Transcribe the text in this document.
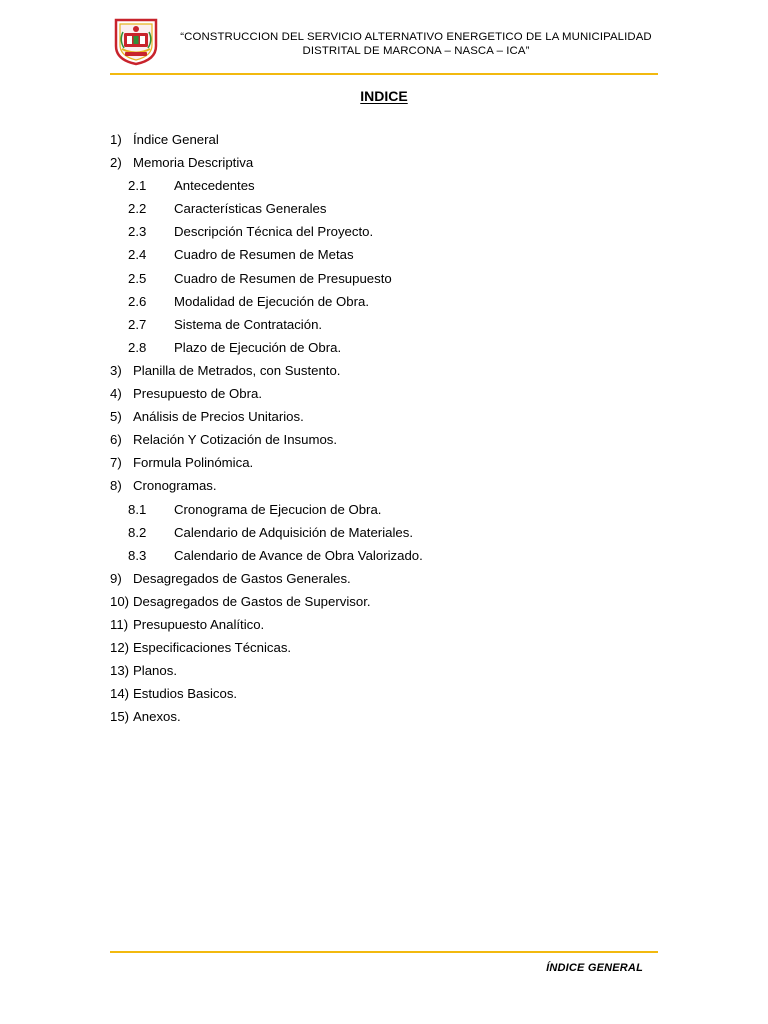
“CONSTRUCCION DEL SERVICIO ALTERNATIVO ENERGETICO DE LA MUNICIPALIDAD
DISTRITAL DE MARCONA – NASCA – ICA”
INDICE
1) Índice General
2) Memoria Descriptiva
2.1 Antecedentes
2.2 Características Generales
2.3 Descripción Técnica del Proyecto.
2.4 Cuadro de Resumen de Metas
2.5 Cuadro de Resumen de Presupuesto
2.6 Modalidad de Ejecución de Obra.
2.7 Sistema de Contratación.
2.8 Plazo de Ejecución de Obra.
3) Planilla de Metrados, con Sustento.
4) Presupuesto de Obra.
5) Análisis de Precios Unitarios.
6) Relación Y Cotización de Insumos.
7) Formula Polinómica.
8) Cronogramas.
8.1 Cronograma de Ejecucion de Obra.
8.2 Calendario de Adquisición de Materiales.
8.3 Calendario de Avance de Obra Valorizado.
9) Desagregados de Gastos Generales.
10) Desagregados de Gastos de Supervisor.
11) Presupuesto Analítico.
12) Especificaciones Técnicas.
13) Planos.
14) Estudios Basicos.
15) Anexos.
ÍNDICE GENERAL
